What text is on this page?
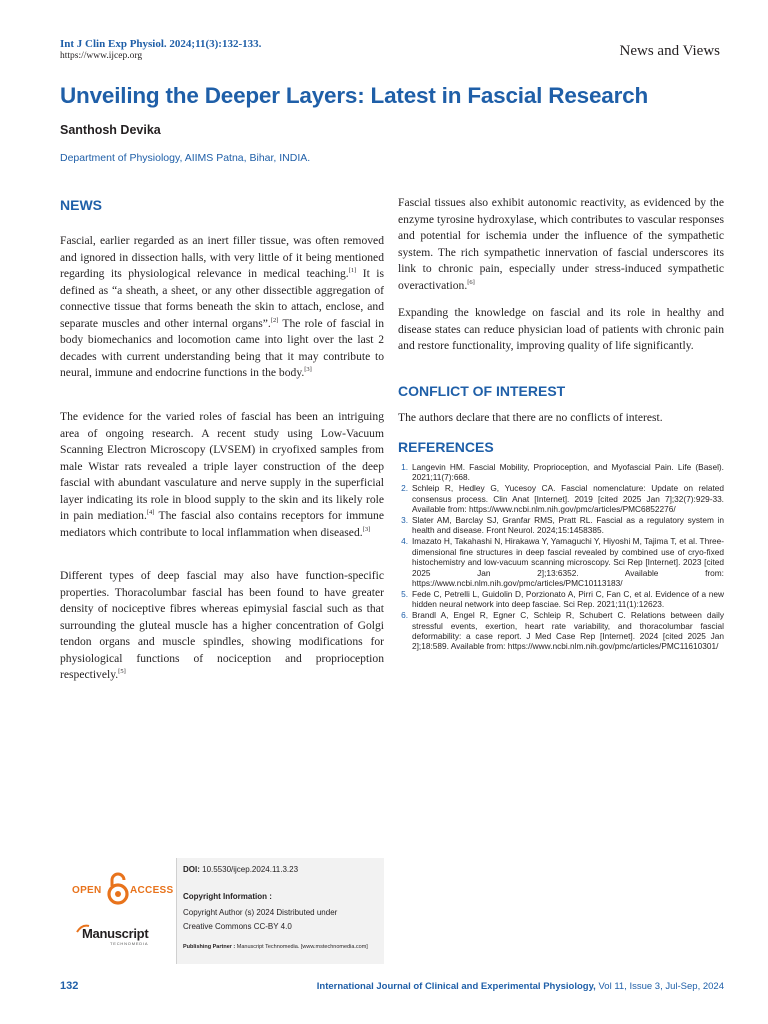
Int J Clin Exp Physiol. 2024;11(3):132-133.
https://www.ijcep.org	News and Views
Unveiling the Deeper Layers: Latest in Fascial Research
Santhosh Devika
Department of Physiology, AIIMS Patna, Bihar, INDIA.
NEWS

Fascial, earlier regarded as an inert filler tissue, was often removed and ignored in dissection halls, with very little of it being mentioned regarding its physiological relevance in medical teaching.[1] It is defined as “a sheath, a sheet, or any other dissectible aggregation of connective tissue that forms beneath the skin to attach, enclose, and separate muscles and other internal organs”.[2] The role of fascial in body biomechanics and locomotion came into light over the last 2 decades with current understanding being that it may contribute to neural, immune and endocrine functions in the body.[3]

The evidence for the varied roles of fascial has been an intriguing area of ongoing research. A recent study using Low-Vacuum Scanning Electron Microscopy (LVSEM) in cryofixed samples from male Wistar rats revealed a triple layer construction of the deep fascial with abundant vasculature and nerve supply in the superficial layer indicating its role in blood supply to the skin and its likely role in pain mediation.[4] The fascial also contains receptors for immune mediators which contribute to local inflammation when diseased.[3]

Different types of deep fascial may also have function-specific properties. Thoracolumbar fascial has been found to have greater density of nociceptive fibres whereas epimysial fascial such as that surrounding the gluteal muscle has a higher concentration of Golgi tendon organs and muscle spindles, showing modifications for physiological functions of nociception and proprioception respectively.[5]

Fascial tissues also exhibit autonomic reactivity, as evidenced by the enzyme tyrosine hydroxylase, which contributes to vascular responses and potential for ischemia under the influence of the sympathetic system. The rich sympathetic innervation of fascial underscores its link to chronic pain, especially under stress-induced sympathetic overactivation.[6]

Expanding the knowledge on fascial and its role in healthy and disease states can reduce physician load of patients with chronic pain and restore functionality, improving quality of life significantly.

CONFLICT OF INTEREST

The authors declare that there are no conflicts of interest.

REFERENCES
1. Langevin HM. Fascial Mobility, Proprioception, and Myofascial Pain. Life (Basel). 2021;11(7):668.
2. Schleip R, Hedley G, Yucesoy CA. Fascial nomenclature: Update on related consensus process. Clin Anat [Internet]. 2019 [cited 2025 Jan 7];32(7):929-33. Available from: https://www.ncbi.nlm.nih.gov/pmc/articles/PMC6852276/
3. Slater AM, Barclay SJ, Granfar RMS, Pratt RL. Fascial as a regulatory system in health and disease. Front Neurol. 2024;15:1458385.
4. Imazato H, Takahashi N, Hirakawa Y, Yamaguchi Y, Hiyoshi M, Tajima T, et al. Three-dimensional fine structures in deep fascial revealed by combined use of cryo-fixed histochemistry and low-vacuum scanning microscopy. Sci Rep [Internet]. 2023 [cited 2025 Jan 2];13:6352. Available from: https://www.ncbi.nlm.nih.gov/pmc/articles/PMC10113183/
5. Fede C, Petrelli L, Guidolin D, Porzionato A, Pirri C, Fan C, et al. Evidence of a new hidden neural network into deep fasciae. Sci Rep. 2021;11(1):12623.
6. Brandl A, Engel R, Egner C, Schleip R, Schubert C. Relations between daily stressful events, exertion, heart rate variability, and thoracolumbar fascial deformability: a case report. J Med Case Rep [Internet]. 2024 [cited 2025 Jan 2];18:589. Available from: https://www.ncbi.nlm.nih.gov/pmc/articles/PMC11610301/
OPEN	ACCESS
Manuscript
TECHNOMEDIA
DOI: 10.5530/ijcep.2024.11.3.23
Copyright Information :
Copyright Author (s) 2024 Distributed under
Creative Commons CC-BY 4.0
Publishing Partner : Manuscript Technomedia. [www.mstechnomedia.com]
132	International Journal of Clinical and Experimental Physiology, Vol 11, Issue 3, Jul-Sep, 2024
